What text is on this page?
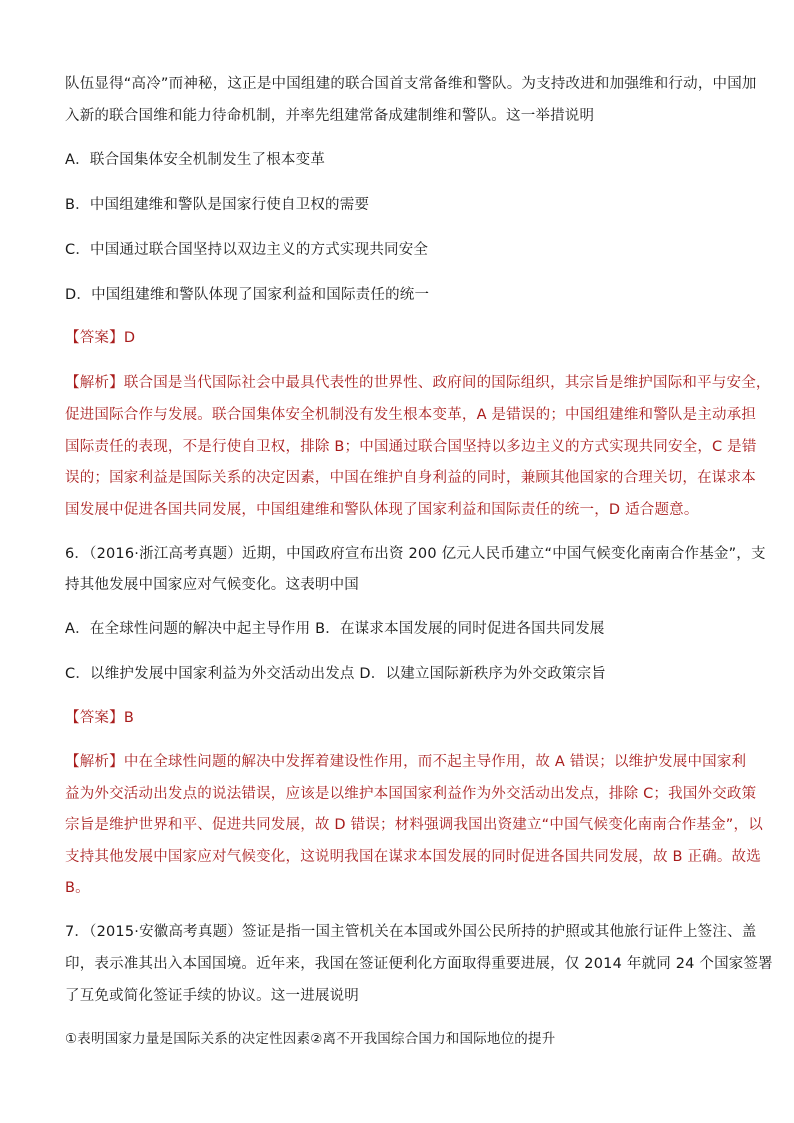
队伍显得“高冷”而神秘，这正是中国组建的联合国首支常备维和警队。为支持改进和加强维和行动，中国加
入新的联合国维和能力待命机制，并率先组建常备成建制维和警队。这一举措说明
A．联合国集体安全机制发生了根本变革
B．中国组建维和警队是国家行使自卫权的需要
C．中国通过联合国坚持以双边主义的方式实现共同安全
D．中国组建维和警队体现了国家利益和国际责任的统一
【答案】D
【解析】联合国是当代国际社会中最具代表性的世界性、政府间的国际组织，其宗旨是维护国际和平与安全，
促进国际合作与发展。联合国集体安全机制没有发生根本变革，A 是错误的；中国组建维和警队是主动承担
国际责任的表现，不是行使自卫权，排除 B；中国通过联合国坚持以多边主义的方式实现共同安全，C 是错
误的；国家利益是国际关系的决定因素，中国在维护自身利益的同时，兼顾其他国家的合理关切，在谋求本
国发展中促进各国共同发展，中国组建维和警队体现了国家利益和国际责任的统一，D 适合题意。
6．（2016·浙江高考真题）近期，中国政府宣布出资 200 亿元人民币建立“中国气候变化南南合作基金”，支
持其他发展中国家应对气候变化。这表明中国
A．在全球性问题的解决中起主导作用 B．在谋求本国发展的同时促进各国共同发展
C．以维护发展中国家利益为外交活动出发点 D．以建立国际新秩序为外交政策宗旨
【答案】B
【解析】中在全球性问题的解决中发挥着建设性作用，而不起主导作用，故 A 错误；以维护发展中国家利
益为外交活动出发点的说法错误，应该是以维护本国国家利益作为外交活动出发点，排除 C；我国外交政策
宗旨是维护世界和平、促进共同发展，故 D 错误；材料强调我国出资建立“中国气候变化南南合作基金”，以
支持其他发展中国家应对气候变化，这说明我国在谋求本国发展的同时促进各国共同发展，故 B 正确。故选
B。
7．（2015·安徽高考真题）签证是指一国主管机关在本国或外国公民所持的护照或其他旅行证件上签注、盖
印，表示准其出入本国国境。近年来，我国在签证便利化方面取得重要进展，仅 2014 年就同 24 个国家签署
了互免或简化签证手续的协议。这一进展说明
①表明国家力量是国际关系的决定性因素②离不开我国综合国力和国际地位的提升
